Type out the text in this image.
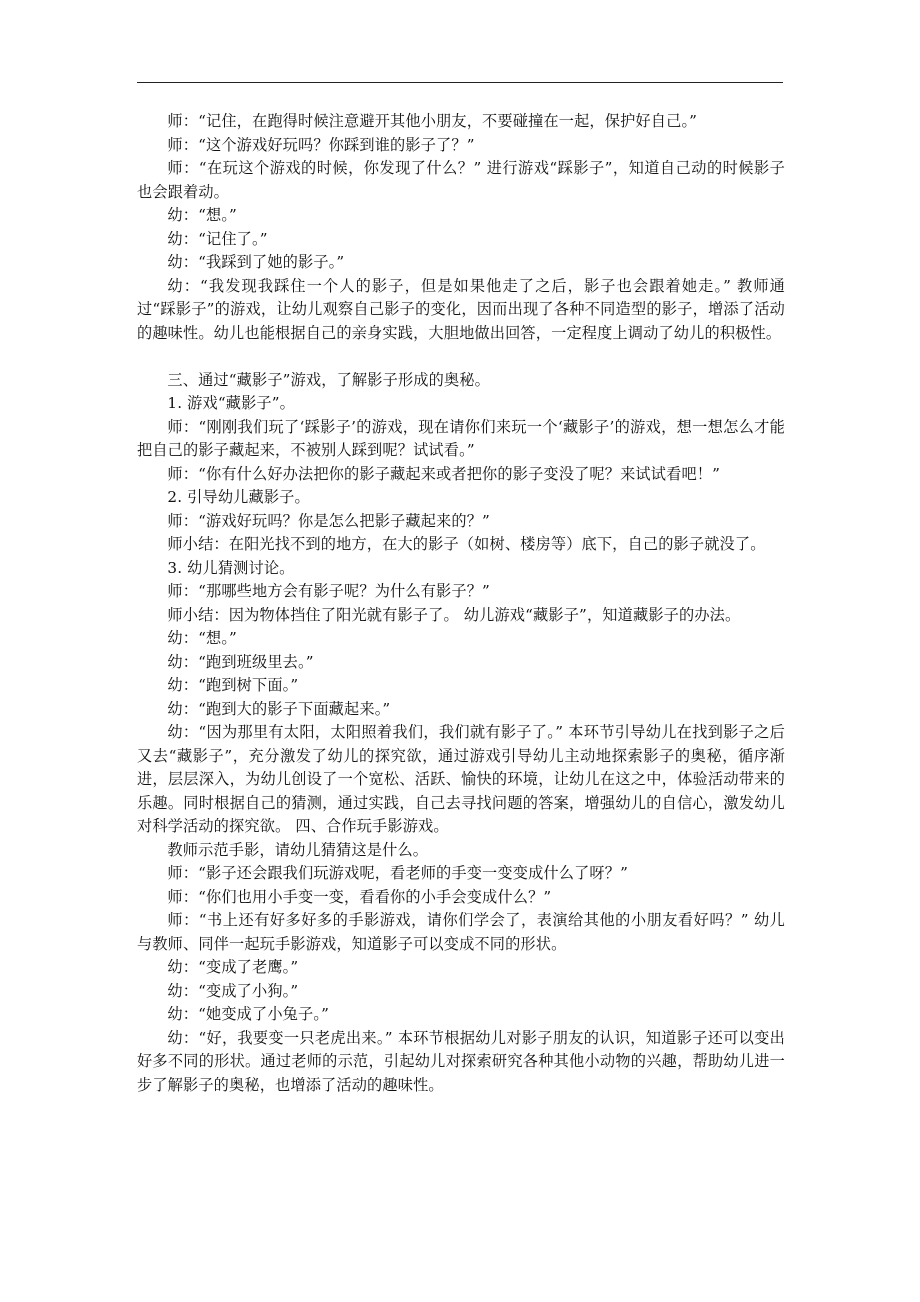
师：“记住，在跑得时候注意避开其他小朋友，不要碰撞在一起，保护好自己。”

师：“这个游戏好玩吗？你踩到谁的影子了？”

师：“在玩这个游戏的时候，你发现了什么？” 进行游戏“踩影子”，知道自己动的时候影子也会跟着动。

幼：“想。”

幼：“记住了。”

幼：“我踩到了她的影子。”

幼：“我发现我踩住一个人的影子，但是如果他走了之后，影子也会跟着她走。” 教师通过“踩影子”的游戏，让幼儿观察自己影子的变化，因而出现了各种不同造型的影子，增添了活动的趣味性。幼儿也能根据自己的亲身实践，大胆地做出回答，一定程度上调动了幼儿的积极性。

三、通过“藏影子”游戏，了解影子形成的奥秘。

1. 游戏“藏影子”。

师：“刚刚我们玩了‘踩影子’的游戏，现在请你们来玩一个‘藏影子’的游戏，想一想怎么才能把自己的影子藏起来，不被别人踩到呢？试试看。”

师：“你有什么好办法把你的影子藏起来或者把你的影子变没了呢？来试试看吧！”

2. 引导幼儿藏影子。

师：“游戏好玩吗？你是怎么把影子藏起来的？”

师小结：在阳光找不到的地方，在大的影子（如树、楼房等）底下，自己的影子就没了。

3. 幼儿猜测讨论。

师：“那哪些地方会有影子呢？为什么有影子？”

师小结：因为物体挡住了阳光就有影子了。 幼儿游戏“藏影子”，知道藏影子的办法。

幼：“想。”

幼：“跑到班级里去。”

幼：“跑到树下面。”

幼：“跑到大的影子下面藏起来。”

幼：“因为那里有太阳，太阳照着我们，我们就有影子了。” 本环节引导幼儿在找到影子之后又去“藏影子”，充分激发了幼儿的探究欲，通过游戏引导幼儿主动地探索影子的奥秘，循序渐进，层层深入，为幼儿创设了一个宽松、活跃、愉快的环境，让幼儿在这之中，体验活动带来的乐趣。同时根据自己的猜测，通过实践，自己去寻找问题的答案，增强幼儿的自信心，激发幼儿对科学活动的探究欲。 四、合作玩手影游戏。

教师示范手影，请幼儿猜猜这是什么。

师：“影子还会跟我们玩游戏呢，看老师的手变一变变成什么了呀？”

师：“你们也用小手变一变，看看你的小手会变成什么？”

师：“书上还有好多好多的手影游戏，请你们学会了，表演给其他的小朋友看好吗？” 幼儿与教师、同伴一起玩手影游戏，知道影子可以变成不同的形状。

幼：“变成了老鹰。”

幼：“变成了小狗。”

幼：“她变成了小兔子。”

幼：“好，我要变一只老虎出来。” 本环节根据幼儿对影子朋友的认识，知道影子还可以变出好多不同的形状。通过老师的示范，引起幼儿对探索研究各种其他小动物的兴趣，帮助幼儿进一步了解影子的奥秘，也增添了活动的趣味性。
